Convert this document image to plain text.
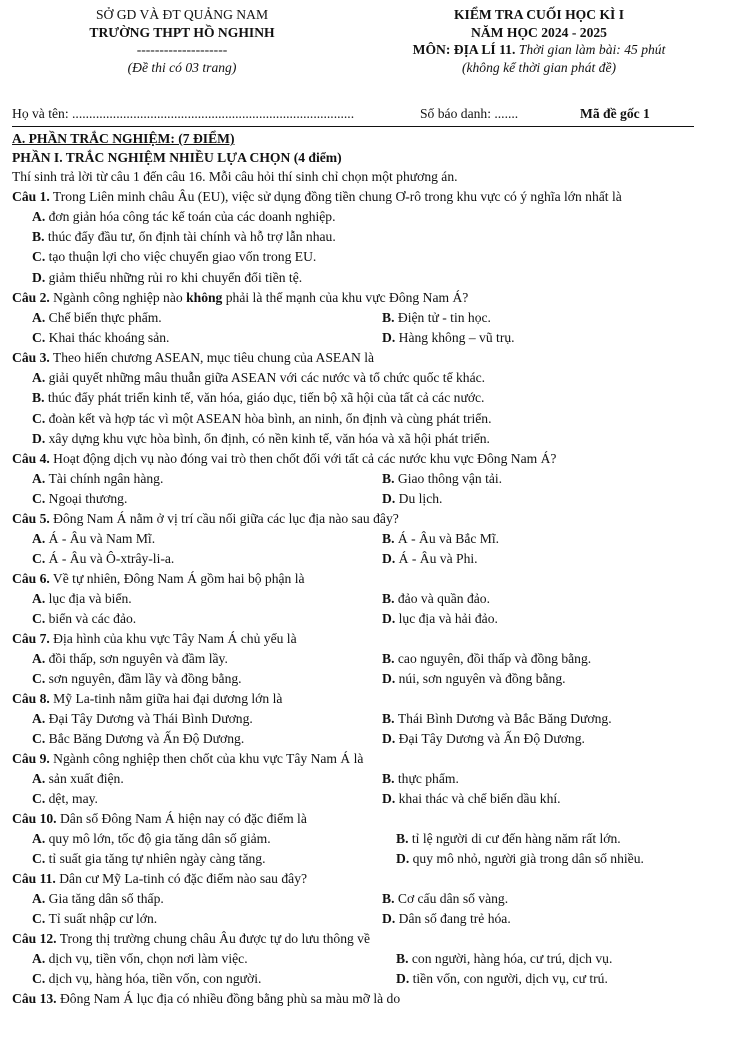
SỞ GD VÀ ĐT QUẢNG NAM
TRƯỜNG THPT HỒ NGHINH
--------------------
(Đề thi có 03 trang)
KIỂM TRA CUỐI HỌC KÌ I
NĂM HỌC 2024 - 2025
MÔN: ĐỊA LÍ 11. Thời gian làm bài: 45 phút
(không kể thời gian phát đề)
Họ và tên: ...................................................................................	Số báo danh: .......	Mã đề gốc 1
A. PHẦN TRẮC NGHIỆM: (7 ĐIỂM)
PHẦN I. TRẮC NGHIỆM NHIỀU LỰA CHỌN (4 điểm)

Thí sinh trả lời từ câu 1 đến câu 16. Mỗi câu hỏi thí sinh chỉ chọn một phương án.

Câu 1. Trong Liên minh châu Âu (EU), việc sử dụng đồng tiền chung Ơ-rô trong khu vực có ý nghĩa lớn nhất là

A. đơn giản hóa công tác kế toán của các doanh nghiệp.
B. thúc đẩy đầu tư, ổn định tài chính và hỗ trợ lẫn nhau.
C. tạo thuận lợi cho việc chuyển giao vốn trong EU.
D. giảm thiểu những rủi ro khi chuyển đổi tiền tệ.

Câu 2. Ngành công nghiệp nào không phải là thế mạnh của khu vực Đông Nam Á?

A. Chế biến thực phẩm.	B. Điện tử - tin học.
C. Khai thác khoáng sản.	D. Hàng không – vũ trụ.

Câu 3. Theo hiến chương ASEAN, mục tiêu chung của ASEAN là

A. giải quyết những mâu thuẫn giữa ASEAN với các nước và tổ chức quốc tế khác.
B. thúc đẩy phát triển kinh tế, văn hóa, giáo dục, tiến bộ xã hội của tất cả các nước.
C. đoàn kết và hợp tác vì một ASEAN hòa bình, an ninh, ổn định và cùng phát triển.
D. xây dựng khu vực hòa bình, ổn định, có nền kinh tế, văn hóa và xã hội phát triển.

Câu 4. Hoạt động dịch vụ nào đóng vai trò then chốt đối với tất cả các nước khu vực Đông Nam Á?

A. Tài chính ngân hàng.	B. Giao thông vận tải.
C. Ngoại thương.	D. Du lịch.

Câu 5. Đông Nam Á nằm ở vị trí cầu nối giữa các lục địa nào sau đây?

A. Á - Âu và Nam Mĩ.	B. Á - Âu và Bắc Mĩ.
C. Á - Âu và Ô-xtrây-li-a.	D. Á - Âu và Phi.

Câu 6. Về tự nhiên, Đông Nam Á gồm hai bộ phận là

A. lục địa và biển.	B. đảo và quần đảo.
C. biển và các đảo.	D. lục địa và hải đảo.

Câu 7. Địa hình của khu vực Tây Nam Á chủ yếu là

A. đồi thấp, sơn nguyên và đầm lầy.	B. cao nguyên, đồi thấp và đồng bằng.
C. sơn nguyên, đầm lầy và đồng bằng.	D. núi, sơn nguyên và đồng bằng.

Câu 8. Mỹ La-tinh nằm giữa hai đại dương lớn là

A. Đại Tây Dương và Thái Bình Dương.	B. Thái Bình Dương và Bắc Băng Dương.
C. Bắc Băng Dương và Ấn Độ Dương.	D. Đại Tây Dương và Ấn Độ Dương.

Câu 9. Ngành công nghiệp then chốt của khu vực Tây Nam Á là

A. sản xuất điện.	B. thực phẩm.
C. dệt, may.	D. khai thác và chế biến dầu khí.

Câu 10. Dân số Đông Nam Á hiện nay có đặc điểm là

A. quy mô lớn, tốc độ gia tăng dân số giảm.	B. tỉ lệ người di cư đến hàng năm rất lớn.
C. tỉ suất gia tăng tự nhiên ngày càng tăng.	D. quy mô nhỏ, người già trong dân số nhiều.

Câu 11. Dân cư Mỹ La-tinh có đặc điểm nào sau đây?

A. Gia tăng dân số thấp.	B. Cơ cấu dân số vàng.
C. Tỉ suất nhập cư lớn.	D. Dân số đang trẻ hóa.

Câu 12. Trong thị trường chung châu Âu được tự do lưu thông về

A. dịch vụ, tiền vốn, chọn nơi làm việc.	B. con người, hàng hóa, cư trú, dịch vụ.
C. dịch vụ, hàng hóa, tiền vốn, con người.	D. tiền vốn, con người, dịch vụ, cư trú.

Câu 13. Đông Nam Á lục địa có nhiều đồng bằng phù sa màu mỡ là do
